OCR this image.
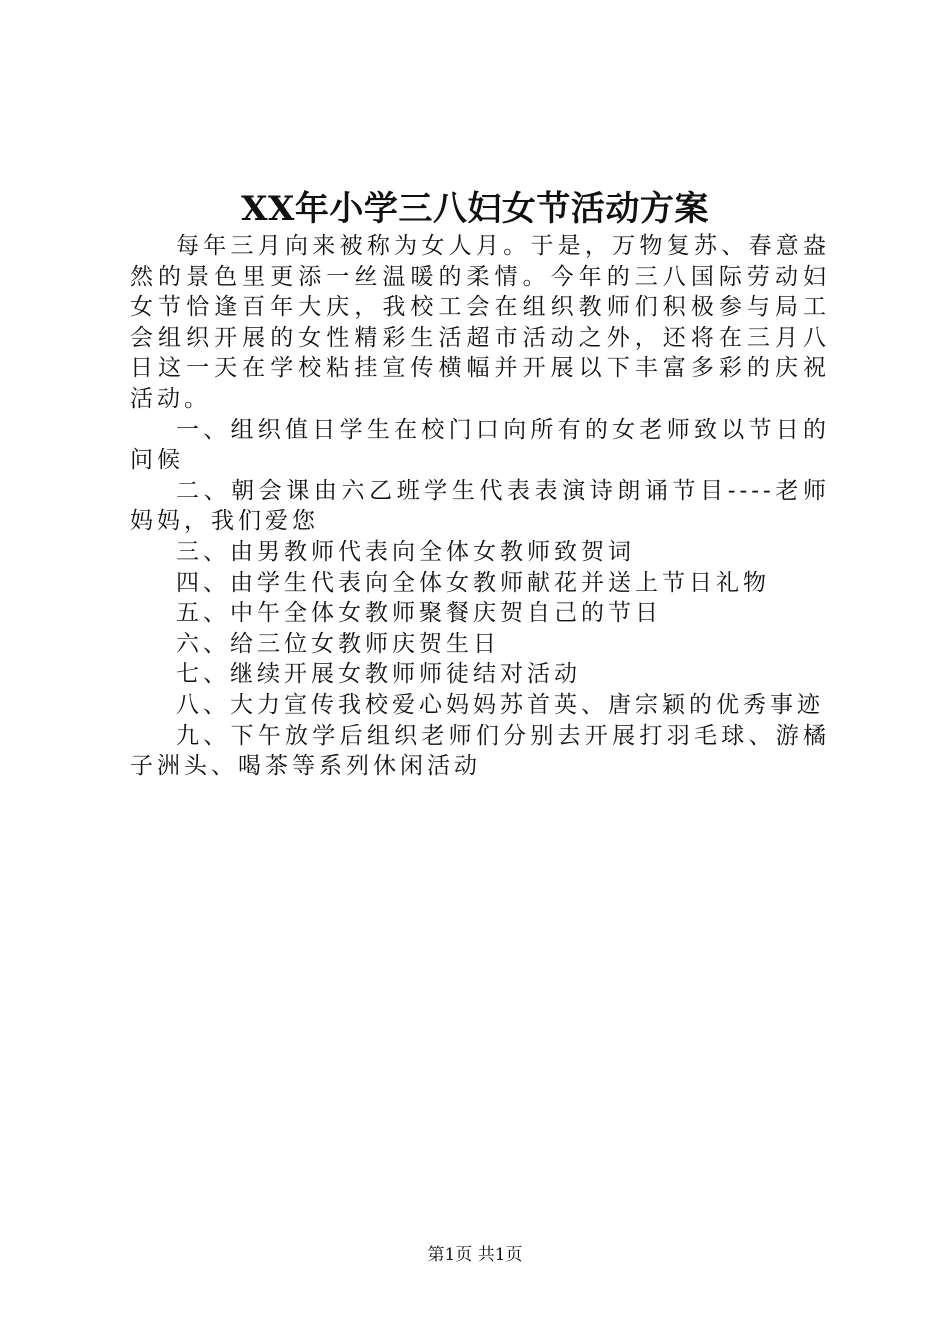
XX年小学三八妇女节活动方案

每年三月向来被称为女人月。于是，万物复苏、春意盎然的景色里更添一丝温暖的柔情。今年的三八国际劳动妇女节恰逢百年大庆，我校工会在组织教师们积极参与局工会组织开展的女性精彩生活超市活动之外，还将在三月八日这一天在学校粘挂宣传横幅并开展以下丰富多彩的庆祝活动。

一、组织值日学生在校门口向所有的女老师致以节日的问候

二、朝会课由六乙班学生代表表演诗朗诵节目----老师妈妈，我们爱您

三、由男教师代表向全体女教师致贺词

四、由学生代表向全体女教师献花并送上节日礼物

五、中午全体女教师聚餐庆贺自己的节日

六、给三位女教师庆贺生日

七、继续开展女教师师徒结对活动

八、大力宣传我校爱心妈妈苏首英、唐宗颖的优秀事迹

九、下午放学后组织老师们分别去开展打羽毛球、游橘子洲头、喝茶等系列休闲活动

第1页 共1页
